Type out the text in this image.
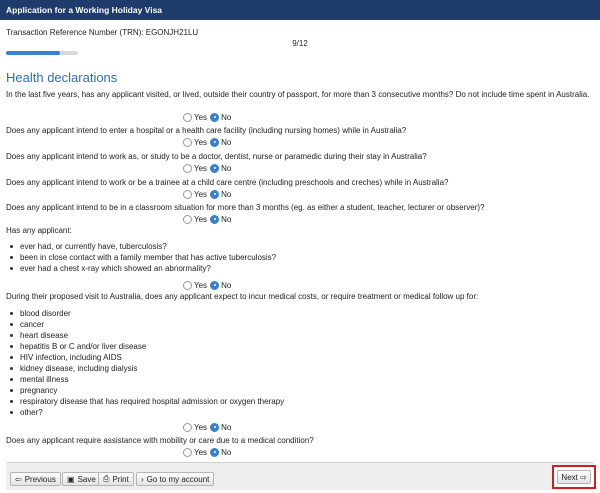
Application for a Working Holiday Visa
Transaction Reference Number (TRN): EGONJH21LU
9/12
Health declarations
In the last five years, has any applicant visited, or lived, outside their country of passport, for more than 3 consecutive months? Do not include time spent in Australia.
Yes No
Does any applicant intend to enter a hospital or a health care facility (including nursing homes) while in Australia?
Yes No
Does any applicant intend to work as, or study to be a doctor, dentist, nurse or paramedic during their stay in Australia?
Yes No
Does any applicant intend to work or be a trainee at a child care centre (including preschools and creches) while in Australia?
Yes No
Does any applicant intend to be in a classroom situation for more than 3 months (eg. as either a student, teacher, lecturer or observer)?
Yes No
Has any applicant:
ever had, or currently have, tuberculosis?
been in close contact with a family member that has active tuberculosis?
ever had a chest x-ray which showed an abnormality?
Yes No
During their proposed visit to Australia, does any applicant expect to incur medical costs, or require treatment or medical follow up for:
blood disorder
cancer
heart disease
hepatitis B or C and/or liver disease
HIV infection, including AIDS
kidney disease, including dialysis
mental illness
pregnancy
respiratory disease that has required hospital admission or oxygen therapy
other?
Yes No
Does any applicant require assistance with mobility or care due to a medical condition?
Yes No
⇦ Previous ▣ Save ⎙ Print › Go to my account	Next ⇨
